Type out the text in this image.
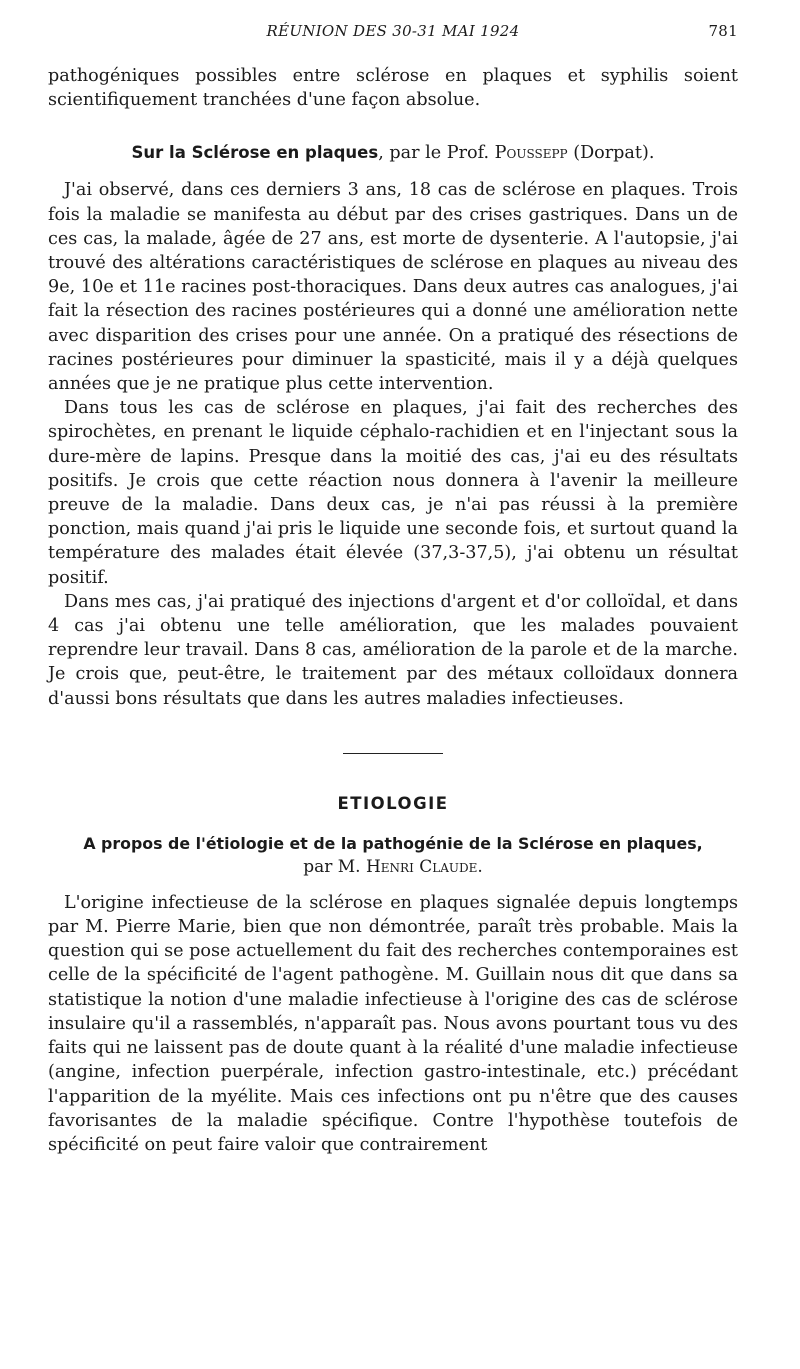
RÉUNION DES 30-31 MAI 1924	781

pathogéniques possibles entre sclérose en plaques et syphilis soient scientifiquement tranchées d'une façon absolue.

Sur la Sclérose en plaques, par le Prof. Poussepp (Dorpat).

J'ai observé, dans ces derniers 3 ans, 18 cas de sclérose en plaques. Trois fois la maladie se manifesta au début par des crises gastriques. Dans un de ces cas, la malade, âgée de 27 ans, est morte de dysenterie. A l'autopsie, j'ai trouvé des altérations caractéristiques de sclérose en plaques au niveau des 9e, 10e et 11e racines post-thoraciques. Dans deux autres cas analogues, j'ai fait la résection des racines postérieures qui a donné une amélioration nette avec disparition des crises pour une année. On a pratiqué des résections de racines postérieures pour diminuer la spasticité, mais il y a déjà quelques années que je ne pratique plus cette intervention.

Dans tous les cas de sclérose en plaques, j'ai fait des recherches des spirochètes, en prenant le liquide céphalo-rachidien et en l'injectant sous la dure-mère de lapins. Presque dans la moitié des cas, j'ai eu des résultats positifs. Je crois que cette réaction nous donnera à l'avenir la meilleure preuve de la maladie. Dans deux cas, je n'ai pas réussi à la première ponction, mais quand j'ai pris le liquide une seconde fois, et surtout quand la température des malades était élevée (37,3-37,5), j'ai obtenu un résultat positif.

Dans mes cas, j'ai pratiqué des injections d'argent et d'or colloïdal, et dans 4 cas j'ai obtenu une telle amélioration, que les malades pouvaient reprendre leur travail. Dans 8 cas, amélioration de la parole et de la marche. Je crois que, peut-être, le traitement par des métaux colloïdaux donnera d'aussi bons résultats que dans les autres maladies infectieuses.

ETIOLOGIE
A propos de l'étiologie et de la pathogénie de la Sclérose en plaques,
par M. Henri Claude.

L'origine infectieuse de la sclérose en plaques signalée depuis longtemps par M. Pierre Marie, bien que non démontrée, paraît très probable. Mais la question qui se pose actuellement du fait des recherches contemporaines est celle de la spécificité de l'agent pathogène. M. Guillain nous dit que dans sa statistique la notion d'une maladie infectieuse à l'origine des cas de sclérose insulaire qu'il a rassemblés, n'apparaît pas. Nous avons pourtant tous vu des faits qui ne laissent pas de doute quant à la réalité d'une maladie infectieuse (angine, infection puerpérale, infection gastro-intestinale, etc.) précédant l'apparition de la myélite. Mais ces infections ont pu n'être que des causes favorisantes de la maladie spécifique. Contre l'hypothèse toutefois de spécificité on peut faire valoir que contrairement
